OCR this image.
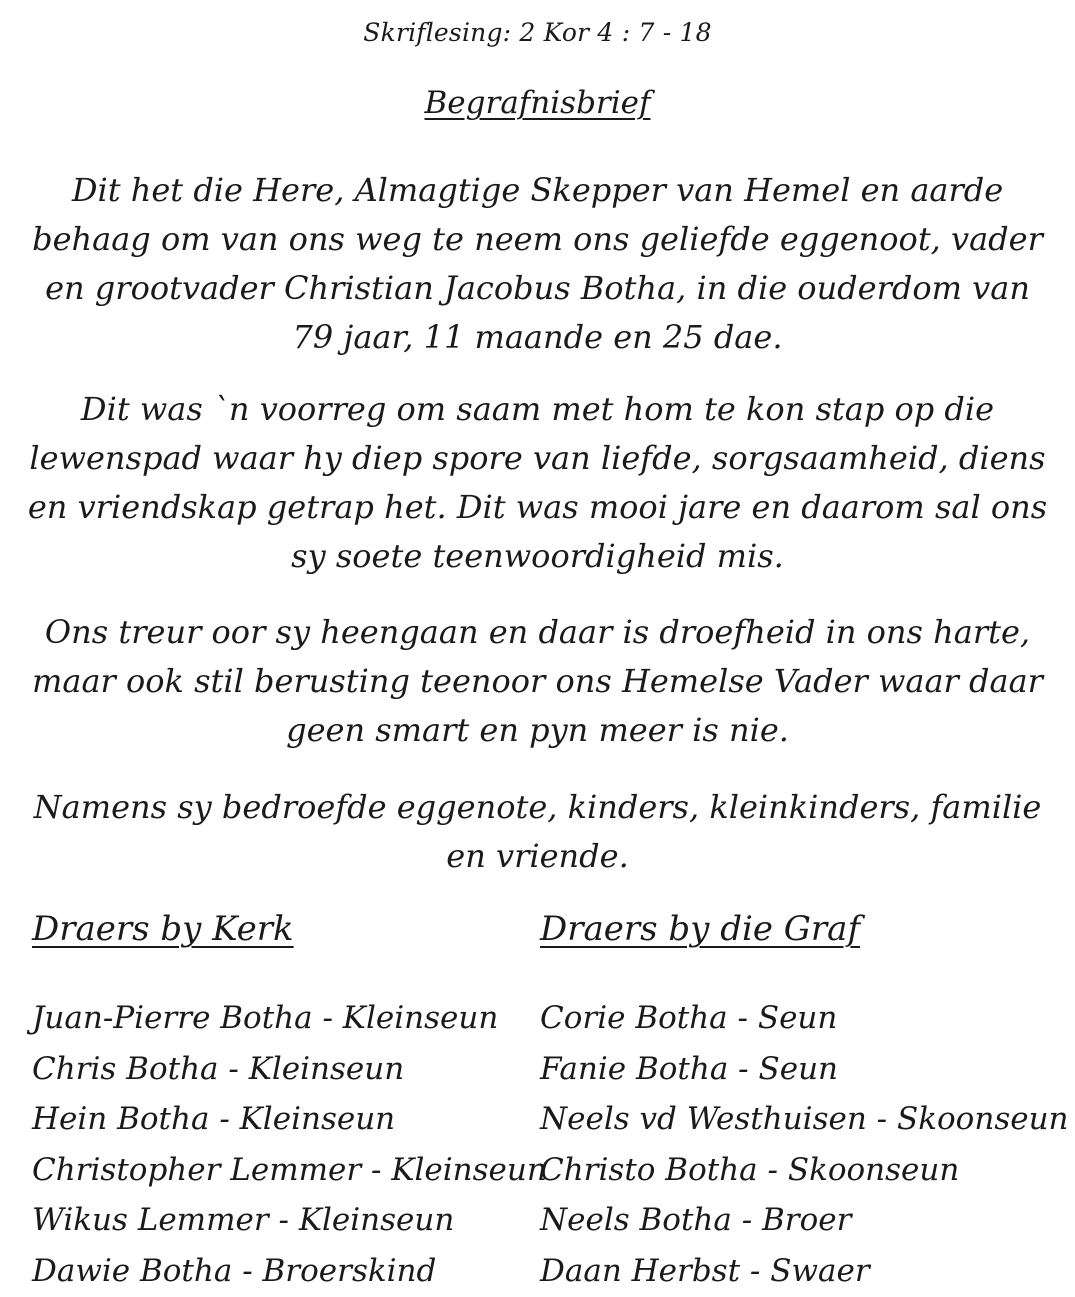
Skriflesing: 2 Kor 4 : 7 - 18
Begrafnisbrief

Dit het die Here, Almagtige Skepper van Hemel en aarde behaag om van ons weg te neem ons geliefde eggenoot, vader en grootvader Christian Jacobus Botha, in die ouderdom van 79 jaar, 11 maande en 25 dae.

Dit was `n voorreg om saam met hom te kon stap op die lewenspad waar hy diep spore van liefde, sorgsaamheid, diens en vriendskap getrap het. Dit was mooi jare en daarom sal ons sy soete teenwoordigheid mis.

Ons treur oor sy heengaan en daar is droefheid in ons harte, maar ook stil berusting teenoor ons Hemelse Vader waar daar geen smart en pyn meer is nie.

Namens sy bedroefde eggenote, kinders, kleinkinders, familie en vriende.

Draers by Kerk
Juan-Pierre Botha - Kleinseun
Chris Botha - Kleinseun
Hein Botha - Kleinseun
Christopher Lemmer - Kleinseun
Wikus Lemmer - Kleinseun
Dawie Botha - Broerskind
Draers by die Graf
Corie Botha - Seun
Fanie Botha - Seun
Neels vd Westhuisen - Skoonseun
Christo Botha - Skoonseun
Neels Botha - Broer
Daan Herbst - Swaer
